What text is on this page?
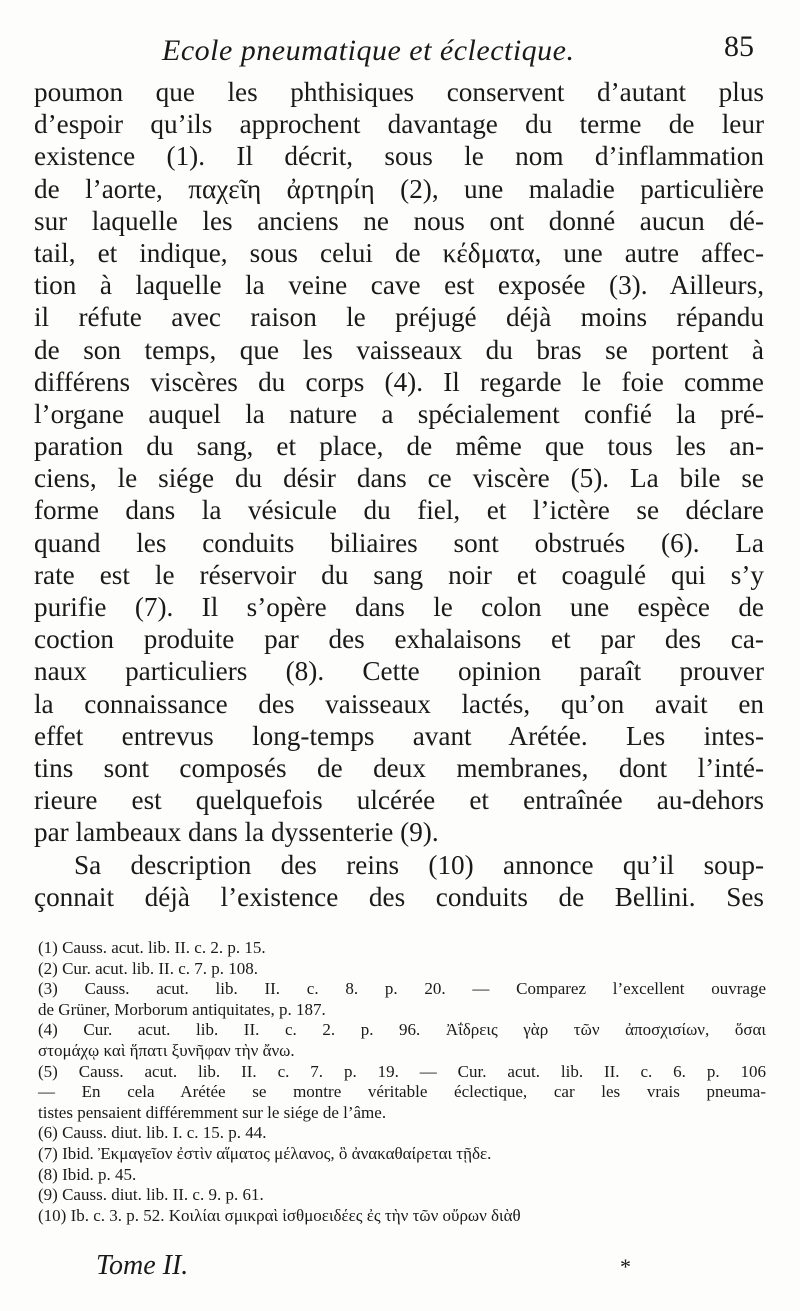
Ecole pneumatique et éclectique.	85
poumon que les phthisiques conservent d’autant plus
d’espoir qu’ils approchent davantage du terme de leur
existence (1). Il décrit, sous le nom d’inflammation
de l’aorte, παχεῖη ἀρτηρίη (2), une maladie particulière
sur laquelle les anciens ne nous ont donné aucun dé-
tail, et indique, sous celui de κέδματα, une autre affec-
tion à laquelle la veine cave est exposée (3). Ailleurs,
il réfute avec raison le préjugé déjà moins répandu
de son temps, que les vaisseaux du bras se portent à
différens viscères du corps (4). Il regarde le foie comme
l’organe auquel la nature a spécialement confié la pré-
paration du sang, et place, de même que tous les an-
ciens, le siége du désir dans ce viscère (5). La bile se
forme dans la vésicule du fiel, et l’ictère se déclare
quand les conduits biliaires sont obstrués (6). La
rate est le réservoir du sang noir et coagulé qui s’y
purifie (7). Il s’opère dans le colon une espèce de
coction produite par des exhalaisons et par des ca-
naux particuliers (8). Cette opinion paraît prouver
la connaissance des vaisseaux lactés, qu’on avait en
effet entrevus long-temps avant Arétée. Les intes-
tins sont composés de deux membranes, dont l’inté-
rieure est quelquefois ulcérée et entraînée au-dehors
par lambeaux dans la dyssenterie (9).
Sa description des reins (10) annonce qu’il soup-
çonnait déjà l’existence des conduits de Bellini. Ses
(1) Causs. acut. lib. II. c. 2. p. 15.
(2) Cur. acut. lib. II. c. 7. p. 108.
(3) Causs. acut. lib. II. c. 8. p. 20. — Comparez l’excellent ouvrage
de Grüner, Morborum antiquitates, p. 187.
(4) Cur. acut. lib. II. c. 2. p. 96. Ἀΐδρεις γὰρ τῶν ἀποσχισίων, ὅσαι
στομάχῳ καὶ ἥπατι ξυνῆφαν τὴν ἄνω.
(5) Causs. acut. lib. II. c. 7. p. 19. — Cur. acut. lib. II. c. 6. p. 106
— En cela Arétée se montre véritable éclectique, car les vrais pneuma-
tistes pensaient différemment sur le siége de l’âme.
(6) Causs. diut. lib. I. c. 15. p. 44.
(7) Ibid. Ἐκμαγεῖον ἐστὶν αἵματος μέλανος, ὃ ἀνακαθαίρεται τῇδε.
(8) Ibid. p. 45.
(9) Causs. diut. lib. II. c. 9. p. 61.
(10) Ib. c. 3. p. 52. Κοιλίαι σμικραὶ ἰσθμοειδέες ἐς τὴν τῶν οὔρων διὰθ
Tome II.	*
